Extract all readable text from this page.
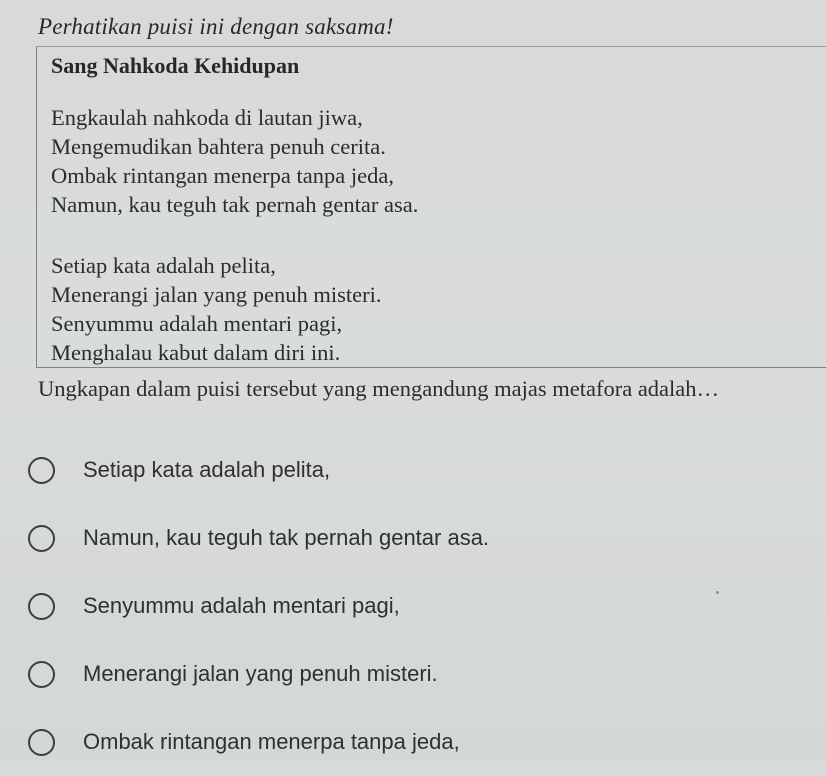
Perhatikan puisi ini dengan saksama!
Sang Nahkoda Kehidupan
Engkaulah nahkoda di lautan jiwa,
Mengemudikan bahtera penuh cerita.
Ombak rintangan menerpa tanpa jeda,
Namun, kau teguh tak pernah gentar asa.
Setiap kata adalah pelita,
Menerangi jalan yang penuh misteri.
Senyummu adalah mentari pagi,
Menghalau kabut dalam diri ini.
Ungkapan dalam puisi tersebut yang mengandung majas metafora adalah…
Setiap kata adalah pelita,
Namun, kau teguh tak pernah gentar asa.
Senyummu adalah mentari pagi,
Menerangi jalan yang penuh misteri.
Ombak rintangan menerpa tanpa jeda,
